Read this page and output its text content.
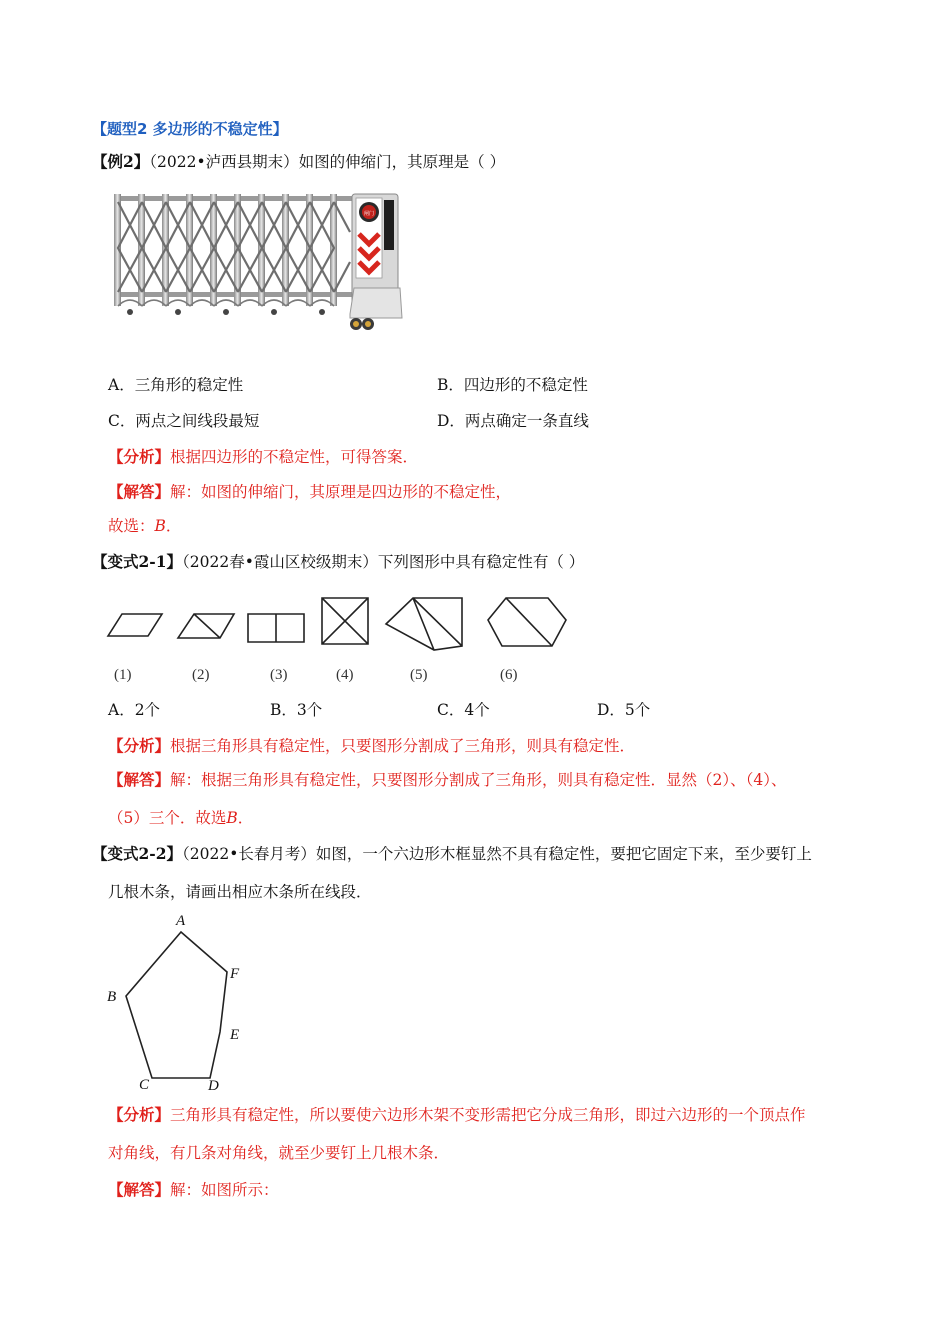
【题型2 多边形的不稳定性】
【例2】（2022•泸西县期末）如图的伸缩门，其原理是（ ）
闸门
A．三角形的稳定性	B．四边形的不稳定性
C．两点之间线段最短	D．两点确定一条直线
【分析】根据四边形的不稳定性，可得答案．
【解答】解：如图的伸缩门，其原理是四边形的不稳定性，
故选：B．
【变式2-1】（2022春•霞山区校级期末）下列图形中具有稳定性有（ ）
(1)	(2)	(3)	(4)	(5)	(6)
A．2个	B．3个	C．4个	D．5个
【分析】根据三角形具有稳定性，只要图形分割成了三角形，则具有稳定性．
【解答】解：根据三角形具有稳定性，只要图形分割成了三角形，则具有稳定性．显然（2）、（4）、
（5）三个．故选B．
【变式2-2】（2022•长春月考）如图，一个六边形木框显然不具有稳定性，要把它固定下来，至少要钉上
几根木条，请画出相应木条所在线段．
A
F
B
E
C	D
【分析】三角形具有稳定性，所以要使六边形木架不变形需把它分成三角形，即过六边形的一个顶点作
对角线，有几条对角线，就至少要钉上几根木条．
【解答】解：如图所示：
